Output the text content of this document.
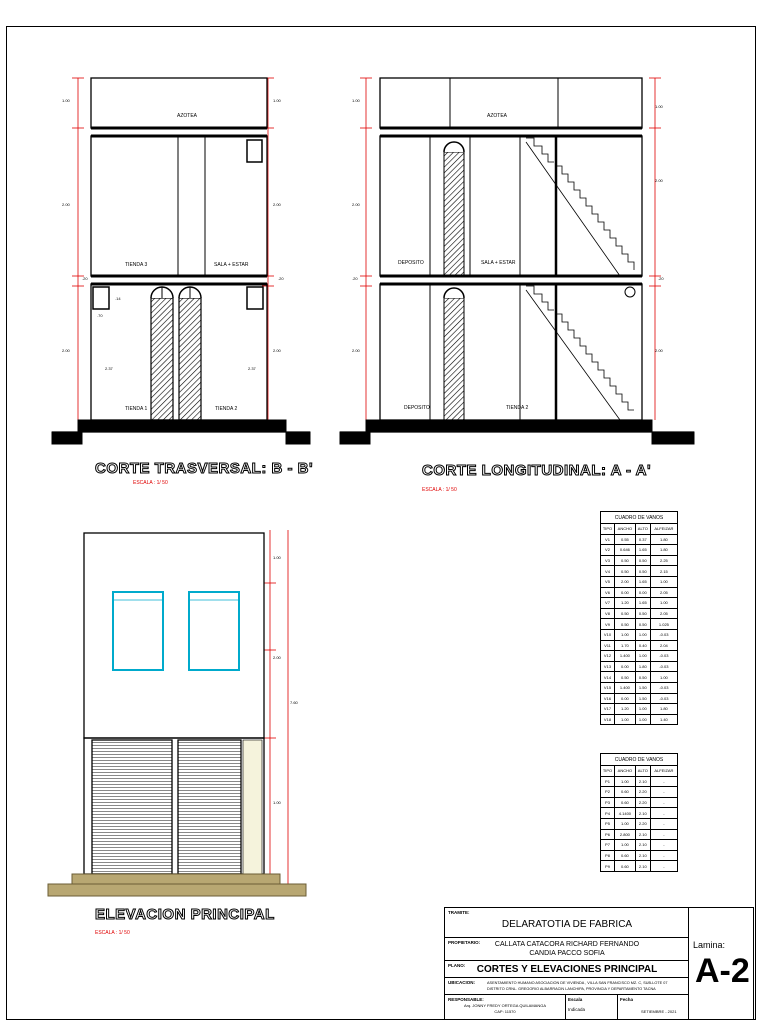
AZOTEA
TIENDA 3	SALA + ESTAR
TIENDA 1	TIENDA 2
AZOTEA
DEPOSITO	SALA + ESTAR
DEPOSITO	TIENDA 2
1.00
2.00
2.00
.20	.20
2.37	2.37
.70
.14
1.00
2.00
2.00
1.00
2.00
2.00
.20
1.00
2.00
.20
2.00
1.00
2.00
1.00
7.60
CORTE TRASVERSAL: B - B'
ESCALA : 1/ 50
CORTE LONGITUDINAL: A - A'
ESCALA : 1/ 50
ELEVACION PRINCIPAL
ESCALA : 1/ 50
CUADRO DE VANOS			
TIPO	ANCHO	ALTO	ALFEIZAR
V1	0.55	0.37	1.80
V2	0.646	1.65	1.80
V3	0.50	0.50	2.25
V4	0.50	0.50	2.15
V5	2.00	1.65	1.00
V6	0.00	0.00	2.05
V7	1.20	1.65	1.00
V8	0.50	0.50	2.05
V9	0.50	0.50	1.025
V10	1.00	1.00	-0.03
V11	1.70	0.40	2.04
V12	1.400	1.00	-0.03
V13	0.00	1.80	-0.03
V14	0.50	0.50	1.00
V15	1.400	1.50	-0.03
V16	0.00	1.50	-0.03
V17	1.20	1.00	1.80
V18	1.00	1.00	1.40
CUADRO DE VANOS			
TIPO	ANCHO	ALTO	ALFEIZAR
P1	1.00	2.10	-
P2	0.60	2.20	-
P3	0.60	2.20	-
P4	4.1400	2.10	-
P5	1.00	2.20	-
P6	2.800	2.10	-
P7	1.00	2.10	-
P8	0.60	2.10	-
P9	0.60	2.10	-
TRAMITE:
DELARATOTIA DE FABRICA
PROPIETARIO:	CALLATA CATACORA RICHARD FERNANDO
CANDIA PACCO SOFIA
PLANO:	CORTES Y ELEVACIONES PRINCIPAL
UBICACION:	ASENTAMIENTO HUMANO ASOCIACION DE VIVIENDA , VILLA SAN FRANCISCO MZ. C, SUB-LOTE 07
DISTRITO CRNL. GREGORIO ALBARRACIN LANCHIPA, PROVINCIA Y DEPARTAMENTO TACNA
RESPONSABLE:
Arq. JONNY FREDY ORTEGA QUILAMANGA
CAP: 11570
Escala
Indicada
Fecha
SETIEMBRE - 2021
Lamina:
A-2
